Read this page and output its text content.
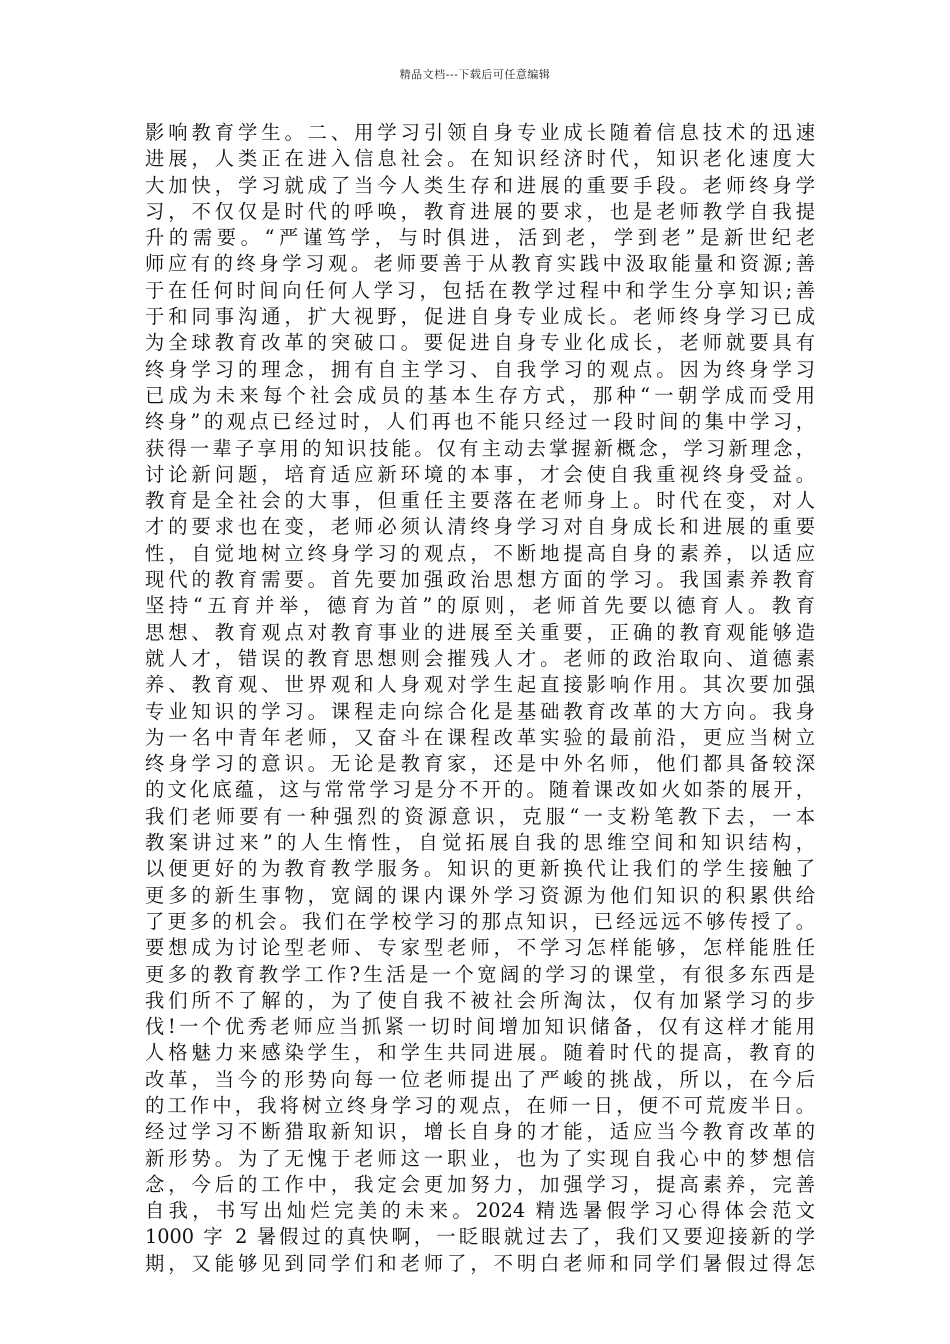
精品文档---下载后可任意编辑
影响教育学生。二、用学习引领自身专业成长随着信息技术的迅速
进展，人类正在进入信息社会。在知识经济时代，知识老化速度大
大加快，学习就成了当今人类生存和进展的重要手段。老师终身学
习，不仅仅是时代的呼唤，教育进展的要求，也是老师教学自我提
升的需要。“严谨笃学，与时俱进，活到老，学到老”是新世纪老
师应有的终身学习观。老师要善于从教育实践中汲取能量和资源;善
于在任何时间向任何人学习，包括在教学过程中和学生分享知识;善
于和同事沟通，扩大视野，促进自身专业成长。老师终身学习已成
为全球教育改革的突破口。要促进自身专业化成长，老师就要具有
终身学习的理念，拥有自主学习、自我学习的观点。因为终身学习
已成为未来每个社会成员的基本生存方式，那种“一朝学成而受用
终身”的观点已经过时，人们再也不能只经过一段时间的集中学习，
获得一辈子享用的知识技能。仅有主动去掌握新概念，学习新理念，
讨论新问题，培育适应新环境的本事，才会使自我重视终身受益。
教育是全社会的大事，但重任主要落在老师身上。时代在变，对人
才的要求也在变，老师必须认清终身学习对自身成长和进展的重要
性，自觉地树立终身学习的观点，不断地提高自身的素养，以适应
现代的教育需要。首先要加强政治思想方面的学习。我国素养教育
坚持“五育并举，德育为首”的原则，老师首先要以德育人。教育
思想、教育观点对教育事业的进展至关重要，正确的教育观能够造
就人才，错误的教育思想则会摧残人才。老师的政治取向、道德素
养、教育观、世界观和人身观对学生起直接影响作用。其次要加强
专业知识的学习。课程走向综合化是基础教育改革的大方向。我身
为一名中青年老师，又奋斗在课程改革实验的最前沿，更应当树立
终身学习的意识。无论是教育家，还是中外名师，他们都具备较深
的文化底蕴，这与常常学习是分不开的。随着课改如火如荼的展开，
我们老师要有一种强烈的资源意识，克服“一支粉笔教下去，一本
教案讲过来”的人生惰性，自觉拓展自我的思维空间和知识结构，
以便更好的为教育教学服务。知识的更新换代让我们的学生接触了
更多的新生事物，宽阔的课内课外学习资源为他们知识的积累供给
了更多的机会。我们在学校学习的那点知识，已经远远不够传授了。
要想成为讨论型老师、专家型老师，不学习怎样能够，怎样能胜任
更多的教育教学工作?生活是一个宽阔的学习的课堂，有很多东西是
我们所不了解的，为了使自我不被社会所淘汰，仅有加紧学习的步
伐!一个优秀老师应当抓紧一切时间增加知识储备，仅有这样才能用
人格魅力来感染学生，和学生共同进展。随着时代的提高，教育的
改革，当今的形势向每一位老师提出了严峻的挑战，所以，在今后
的工作中，我将树立终身学习的观点，在师一日，便不可荒废半日。
经过学习不断猎取新知识，增长自身的才能，适应当今教育改革的
新形势。为了无愧于老师这一职业，也为了实现自我心中的梦想信
念，今后的工作中，我定会更加努力，加强学习，提高素养，完善
自我，书写出灿烂完美的未来。2024 精选暑假学习心得体会范文
1000 字 2 暑假过的真快啊，一眨眼就过去了，我们又要迎接新的学
期，又能够见到同学们和老师了，不明白老师和同学们暑假过得怎
